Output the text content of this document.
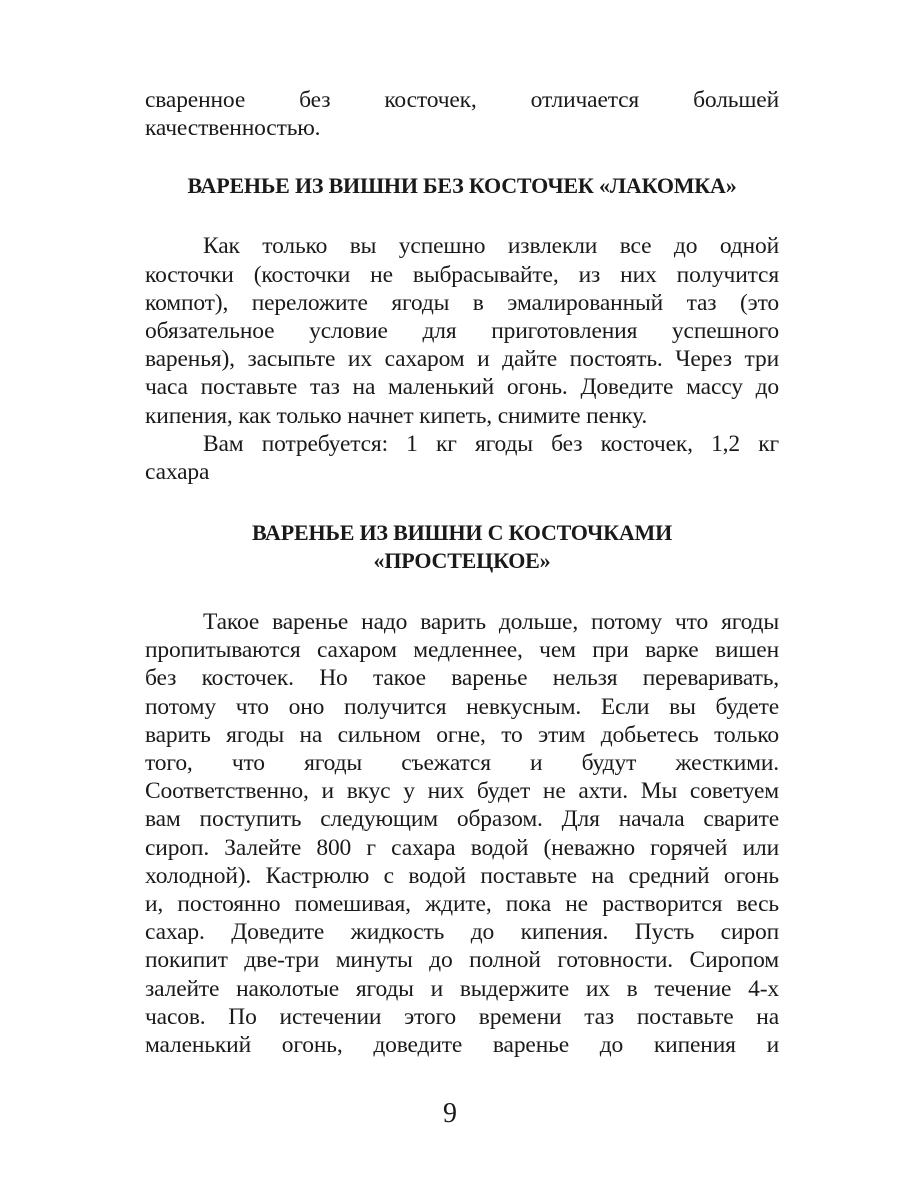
сваренное без косточек, отличается большей
качественностью.
ВАРЕНЬЕ ИЗ ВИШНИ БЕЗ КОСТОЧЕК «ЛАКОМКА»
Как только вы успешно извлекли все до одной
косточки (косточки не выбрасывайте, из них получится
компот), переложите ягоды в эмалированный таз (это
обязательное условие для приготовления успешного
варенья), засыпьте их сахаром и дайте постоять. Через три
часа поставьте таз на маленький огонь. Доведите массу до
кипения, как только начнет кипеть, снимите пенку.
Вам потребуется: 1 кг ягоды без косточек, 1,2 кг
сахара
ВАРЕНЬЕ ИЗ ВИШНИ С КОСТОЧКАМИ
«ПРОСТЕЦКОЕ»
Такое варенье надо варить дольше, потому что ягоды
пропитываются сахаром медленнее, чем при варке вишен
без косточек. Но такое варенье нельзя переваривать,
потому что оно получится невкусным. Если вы будете
варить ягоды на сильном огне, то этим добьетесь только
того, что ягоды съежатся и будут жесткими.
Соответственно, и вкус у них будет не ахти. Мы советуем
вам поступить следующим образом. Для начала сварите
сироп. Залейте 800 г сахара водой (неважно горячей или
холодной). Кастрюлю с водой поставьте на средний огонь
и, постоянно помешивая, ждите, пока не растворится весь
сахар. Доведите жидкость до кипения. Пусть сироп
покипит две-три минуты до полной готовности. Сиропом
залейте наколотые ягоды и выдержите их в течение 4-х
часов. По истечении этого времени таз поставьте на
маленький огонь, доведите варенье до кипения и
9
